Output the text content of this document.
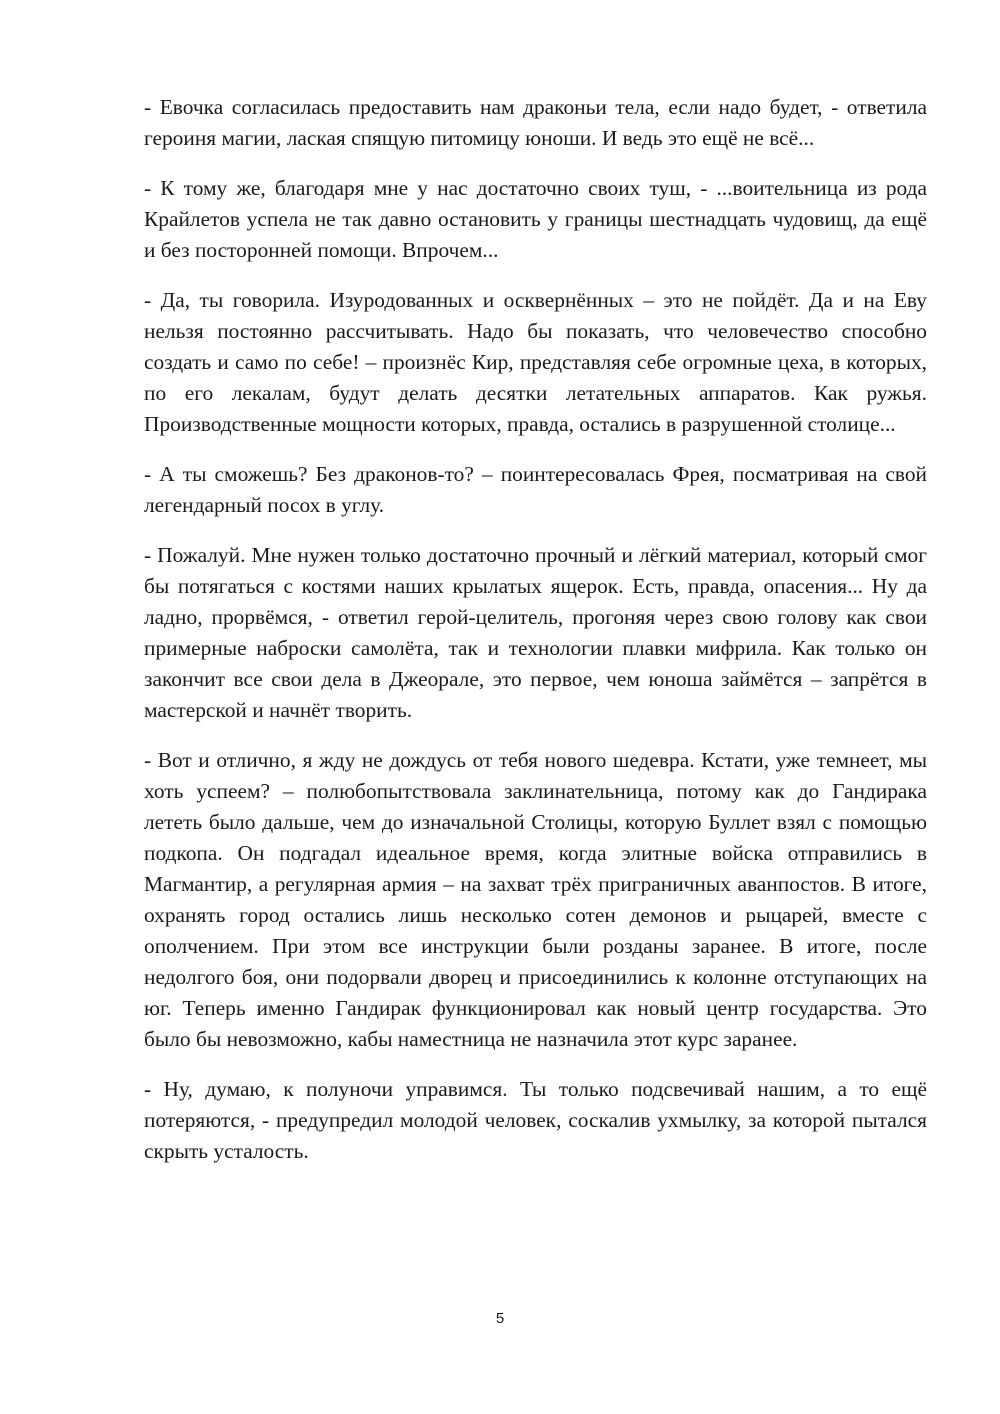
- Евочка согласилась предоставить нам драконьи тела, если надо будет, - ответила героиня магии, лаская спящую питомицу юноши. И ведь это ещё не всё...

- К тому же, благодаря мне у нас достаточно своих туш, - ...воительница из рода Крайлетов успела не так давно остановить у границы шестнадцать чудовищ, да ещё и без посторонней помощи. Впрочем...

- Да, ты говорила. Изуродованных и осквернённых – это не пойдёт. Да и на Еву нельзя постоянно рассчитывать. Надо бы показать, что человечество способно создать и само по себе! – произнёс Кир, представляя себе огромные цеха, в которых, по его лекалам, будут делать десятки летательных аппаратов. Как ружья. Производственные мощности которых, правда, остались в разрушенной столице...

- А ты сможешь? Без драконов-то? – поинтересовалась Фрея, посматривая на свой легендарный посох в углу.

- Пожалуй. Мне нужен только достаточно прочный и лёгкий материал, который смог бы потягаться с костями наших крылатых ящерок. Есть, правда, опасения... Ну да ладно, прорвёмся, - ответил герой-целитель, прогоняя через свою голову как свои примерные наброски самолёта, так и технологии плавки мифрила. Как только он закончит все свои дела в Джеорале, это первое, чем юноша займётся – запрётся в мастерской и начнёт творить.

- Вот и отлично, я жду не дождусь от тебя нового шедевра. Кстати, уже темнеет, мы хоть успеем? – полюбопытствовала заклинательница, потому как до Гандирака лететь было дальше, чем до изначальной Столицы, которую Буллет взял с помощью подкопа. Он подгадал идеальное время, когда элитные войска отправились в Магмантир, а регулярная армия – на захват трёх приграничных аванпостов. В итоге, охранять город остались лишь несколько сотен демонов и рыцарей, вместе с ополчением. При этом все инструкции были розданы заранее. В итоге, после недолгого боя, они подорвали дворец и присоединились к колонне отступающих на юг. Теперь именно Гандирак функционировал как новый центр государства. Это было бы невозможно, кабы наместница не назначила этот курс заранее.

- Ну, думаю, к полуночи управимся. Ты только подсвечивай нашим, а то ещё потеряются, - предупредил молодой человек, соскалив ухмылку, за которой пытался скрыть усталость.

5
